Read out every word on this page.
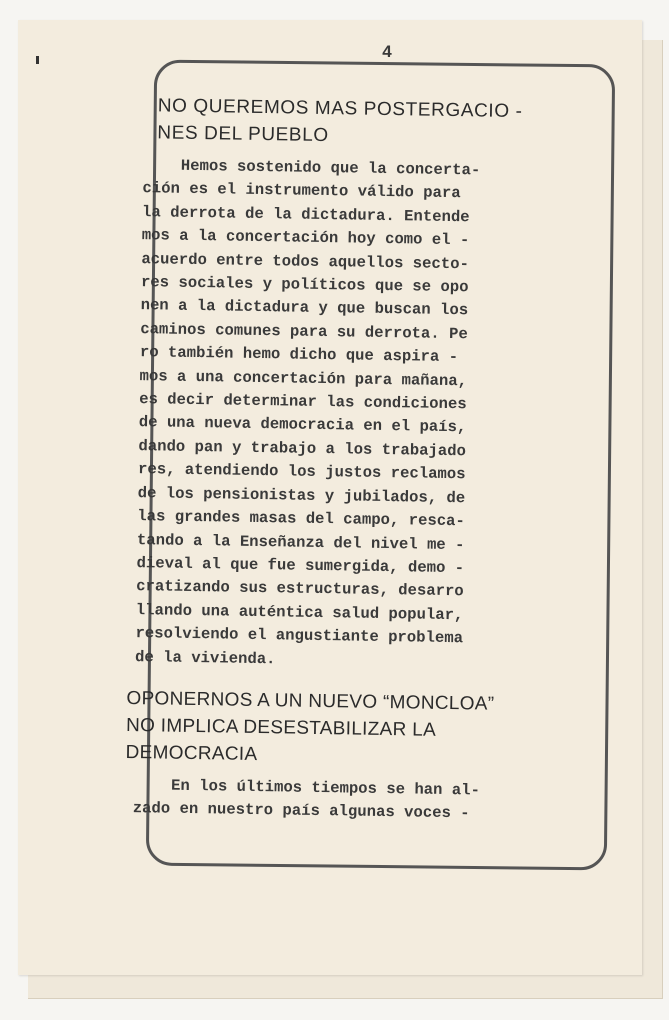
4
NO QUEREMOS MAS POSTERGACIO -
NES DEL PUEBLO
Hemos sostenido que la concerta-
ción es el instrumento válido para
la derrota de la dictadura. Entende
mos a la concertación hoy como el -
acuerdo entre todos aquellos secto-
res sociales y políticos que se opo
nen a la dictadura y que buscan los
caminos comunes para su derrota. Pe
ro también hemo dicho que aspira -
mos a una concertación para mañana,
es decir determinar las condiciones
de una nueva democracia en el país,
dando pan y trabajo a los trabajado
res, atendiendo los justos reclamos
de los pensionistas y jubilados, de
las grandes masas del campo, resca-
tando a la Enseñanza del nivel me -
dieval al que fue sumergida, demo -
cratizando sus estructuras, desarro
llando una auténtica salud popular,
resolviendo el angustiante problema
de la vivienda.
OPONERNOS A UN NUEVO “MONCLOA”
NO IMPLICA DESESTABILIZAR LA
DEMOCRACIA
En los últimos tiempos se han al-
zado en nuestro país algunas voces -
